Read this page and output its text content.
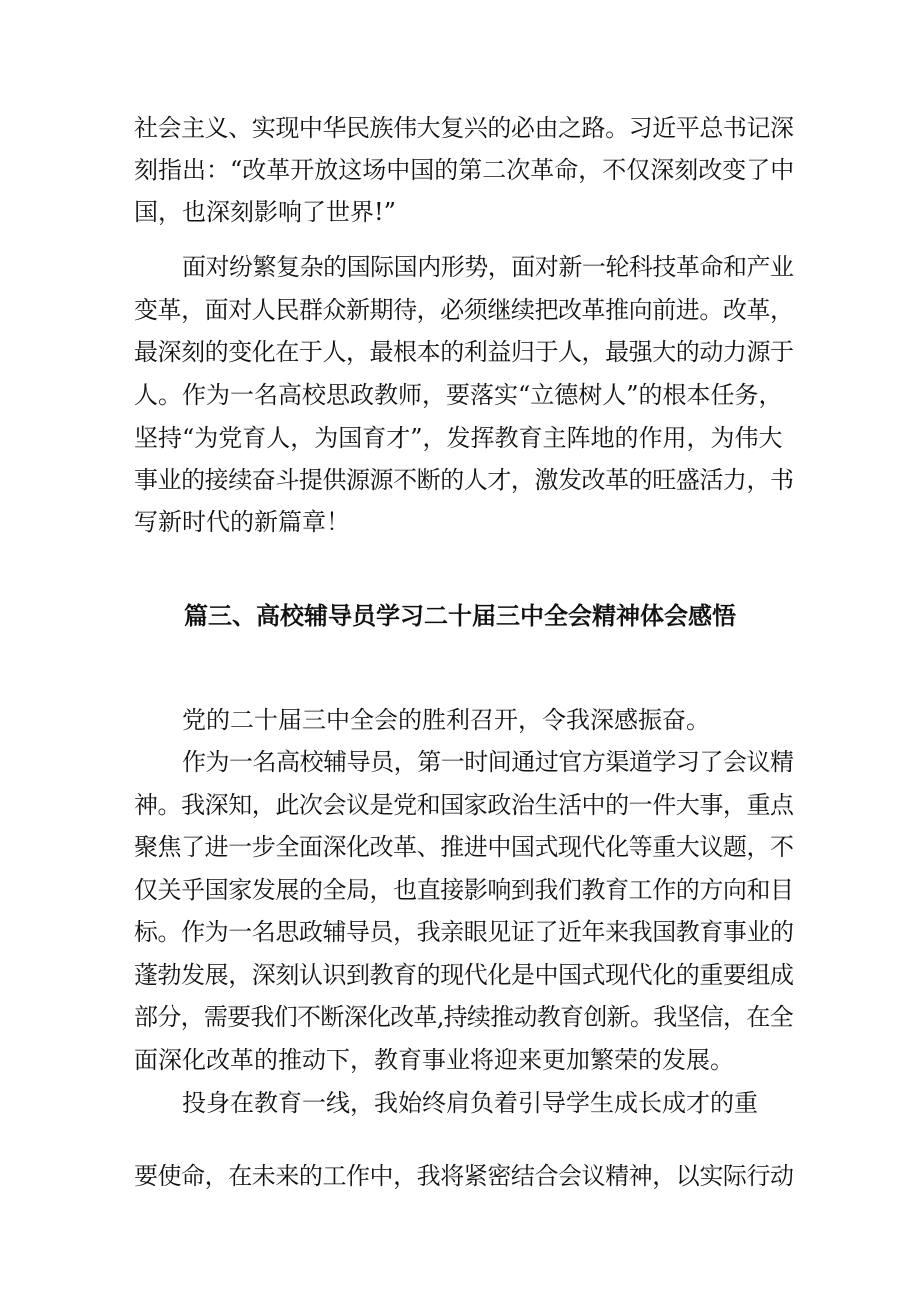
社会主义、实现中华民族伟大复兴的必由之路。习近平总书记深
刻指出：“改革开放这场中国的第二次革命，不仅深刻改变了中
国，也深刻影响了世界!”
面对纷繁复杂的国际国内形势，面对新一轮科技革命和产业
变革，面对人民群众新期待，必须继续把改革推向前进。改革，
最深刻的变化在于人，最根本的利益归于人，最强大的动力源于
人。作为一名高校思政教师，要落实“立德树人”的根本任务，
坚持“为党育人，为国育才”，发挥教育主阵地的作用，为伟大
事业的接续奋斗提供源源不断的人才，激发改革的旺盛活力，书
写新时代的新篇章！
篇三、高校辅导员学习二十届三中全会精神体会感悟
党的二十届三中全会的胜利召开，令我深感振奋。
作为一名高校辅导员，第一时间通过官方渠道学习了会议精
神。我深知，此次会议是党和国家政治生活中的一件大事，重点
聚焦了进一步全面深化改革、推进中国式现代化等重大议题，不
仅关乎国家发展的全局，也直接影响到我们教育工作的方向和目
标。作为一名思政辅导员，我亲眼见证了近年来我国教育事业的
蓬勃发展，深刻认识到教育的现代化是中国式现代化的重要组成
部分，需要我们不断深化改革,持续推动教育创新。我坚信，在全
面深化改革的推动下，教育事业将迎来更加繁荣的发展。
投身在教育一线，我始终肩负着引导学生成长成才的重
要使命，在未来的工作中，我将紧密结合会议精神，以实际行动
